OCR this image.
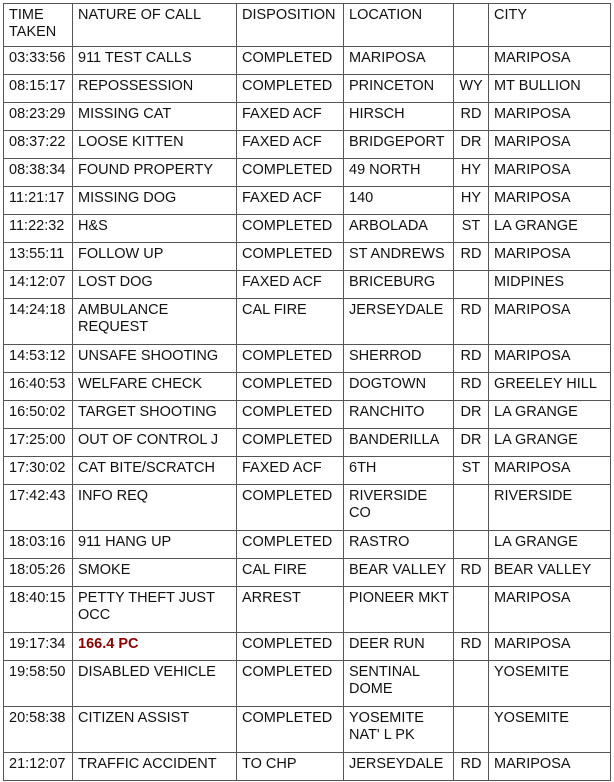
TIME TAKEN	NATURE OF CALL	DISPOSITION	LOCATION		CITY
03:33:56	911 TEST CALLS	COMPLETED	MARIPOSA		MARIPOSA
08:15:17	REPOSSESSION	COMPLETED	PRINCETON	WY	MT BULLION
08:23:29	MISSING CAT	FAXED ACF	HIRSCH	RD	MARIPOSA
08:37:22	LOOSE KITTEN	FAXED ACF	BRIDGEPORT	DR	MARIPOSA
08:38:34	FOUND PROPERTY	COMPLETED	49 NORTH	HY	MARIPOSA
11:21:17	MISSING DOG	FAXED ACF	140	HY	MARIPOSA
11:22:32	H&S	COMPLETED	ARBOLADA	ST	LA GRANGE
13:55:11	FOLLOW UP	COMPLETED	ST ANDREWS	RD	MARIPOSA
14:12:07	LOST DOG	FAXED ACF	BRICEBURG		MIDPINES
14:24:18	AMBULANCE REQUEST	CAL FIRE	JERSEYDALE	RD	MARIPOSA
14:53:12	UNSAFE SHOOTING	COMPLETED	SHERROD	RD	MARIPOSA
16:40:53	WELFARE CHECK	COMPLETED	DOGTOWN	RD	GREELEY HILL
16:50:02	TARGET SHOOTING	COMPLETED	RANCHITO	DR	LA GRANGE
17:25:00	OUT OF CONTROL J	COMPLETED	BANDERILLA	DR	LA GRANGE
17:30:02	CAT BITE/SCRATCH	FAXED ACF	6TH	ST	MARIPOSA
17:42:43	INFO REQ	COMPLETED	RIVERSIDE CO		RIVERSIDE
18:03:16	911 HANG UP	COMPLETED	RASTRO		LA GRANGE
18:05:26	SMOKE	CAL FIRE	BEAR VALLEY	RD	BEAR VALLEY
18:40:15	PETTY THEFT JUST OCC	ARREST	PIONEER MKT		MARIPOSA
19:17:34	166.4 PC	COMPLETED	DEER RUN	RD	MARIPOSA
19:58:50	DISABLED VEHICLE	COMPLETED	SENTINAL DOME		YOSEMITE
20:58:38	CITIZEN ASSIST	COMPLETED	YOSEMITE NAT' L PK		YOSEMITE
21:12:07	TRAFFIC ACCIDENT	TO CHP	JERSEYDALE	RD	MARIPOSA
